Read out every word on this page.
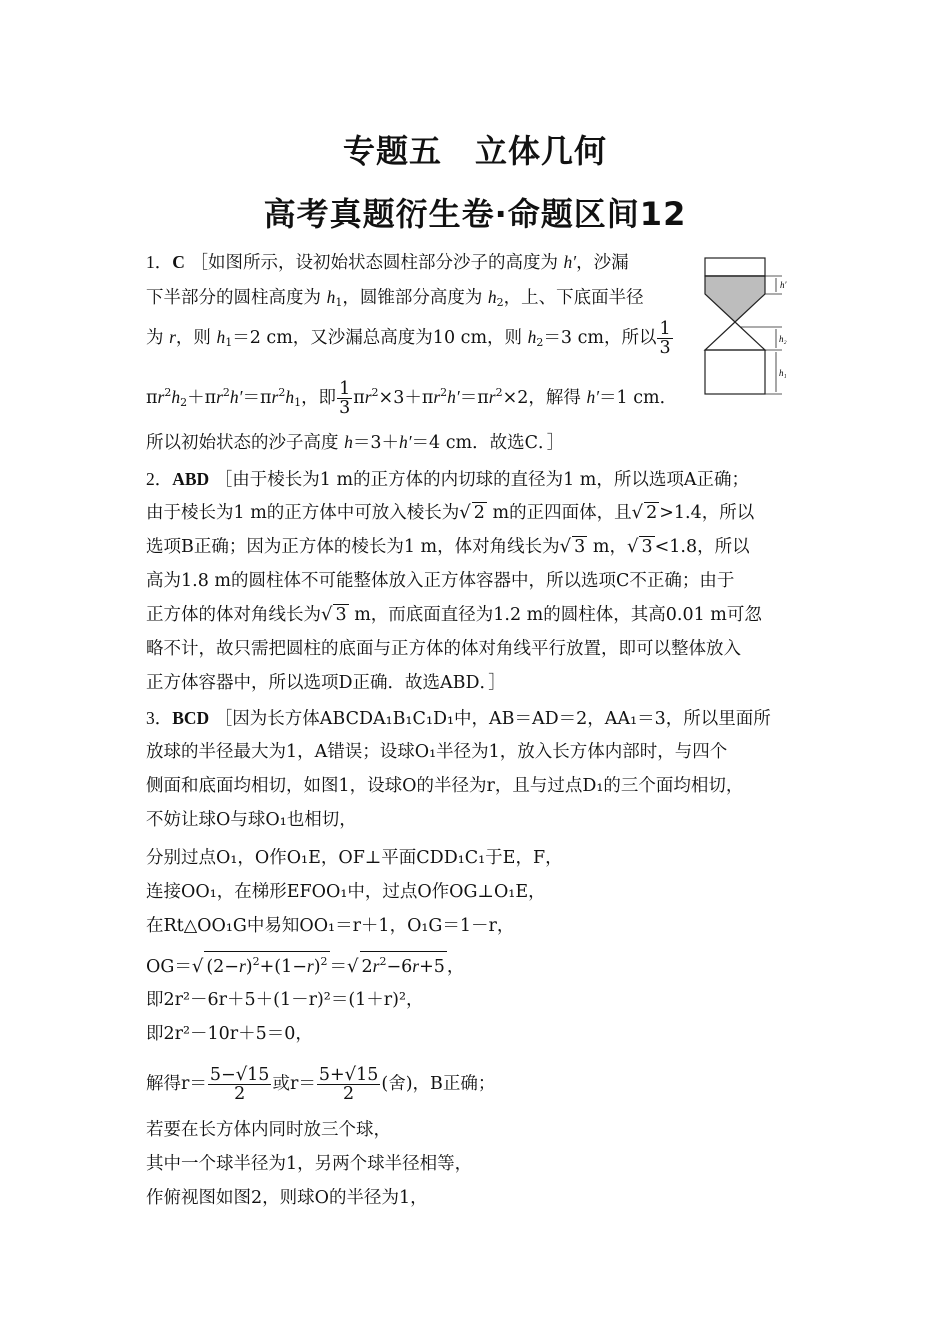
专题五　立体几何
高考真题衍生卷·命题区间12
1．C ［如图所示，设初始状态圆柱部分沙子的高度为 h′，沙漏
下半部分的圆柱高度为 $h_1$，圆锥部分高度为 $h_2$，上、下底面半径
为 r，则 $h_1=2$ cm，又沙漏总高度为10 cm，则 $h_2=3$ cm，所以 $\frac{1}{3}$
$\pi r^2h_2+\pi r^2h'=\pi r^2h_1$，即 $\frac{1}{3} \pi r^2\times 3+\pi r^2h'=\pi r^2\times 2$，解得 h′＝1 cm．
所以初始状态的沙子高度 h＝3＋h′＝4 cm．故选C．］
h′
h₂
h₁
2．ABD ［由于棱长为1 m的正方体的内切球的直径为1 m，所以选项A正确；
由于棱长为1 m的正方体中可放入棱长为√ 2 m的正四面体，且√ 2 >1.4，所以
选项B正确；因为正方体的棱长为1 m，体对角线长为√ 3 m，√ 3 <1.8，所以
高为1.8 m的圆柱体不可能整体放入正方体容器中，所以选项C不正确；由于
正方体的体对角线长为√ 3 m，而底面直径为1.2 m的圆柱体，其高0.01 m可忽
略不计，故只需把圆柱的底面与正方体的体对角线平行放置，即可以整体放入
正方体容器中，所以选项D正确．故选ABD．］
3．BCD ［因为长方体ABCDA₁B₁C₁D₁中，AB＝AD＝2，AA₁＝3，所以里面所
放球的半径最大为1，A错误；设球O₁半径为1，放入长方体内部时，与四个
侧面和底面均相切，如图1，设球O的半径为r，且与过点D₁的三个面均相切，
不妨让球O与球O₁也相切，
分别过点O₁，O作O₁E，OF⊥平面CDD₁C₁于E，F，
连接OO₁，在梯形EFOO₁中，过点O作OG⊥O₁E，
在Rt△OO₁G中易知OO₁＝r＋1，O₁G＝1－r，
OG＝√ $(2-r)^2+(1-r)^2$ ＝√ $2r^2-6r+5$ ，
即2r²－6r＋5＋(1－r)²＝(1＋r)²，
即2r²－10r＋5＝0，
解得$r= \frac{5-√15}{2}$ 或$r= \frac{5+√15}{2}$ (舍)，B正确；
若要在长方体内同时放三个球，
其中一个球半径为1，另两个球半径相等，
作俯视图如图2，则球O的半径为1，
